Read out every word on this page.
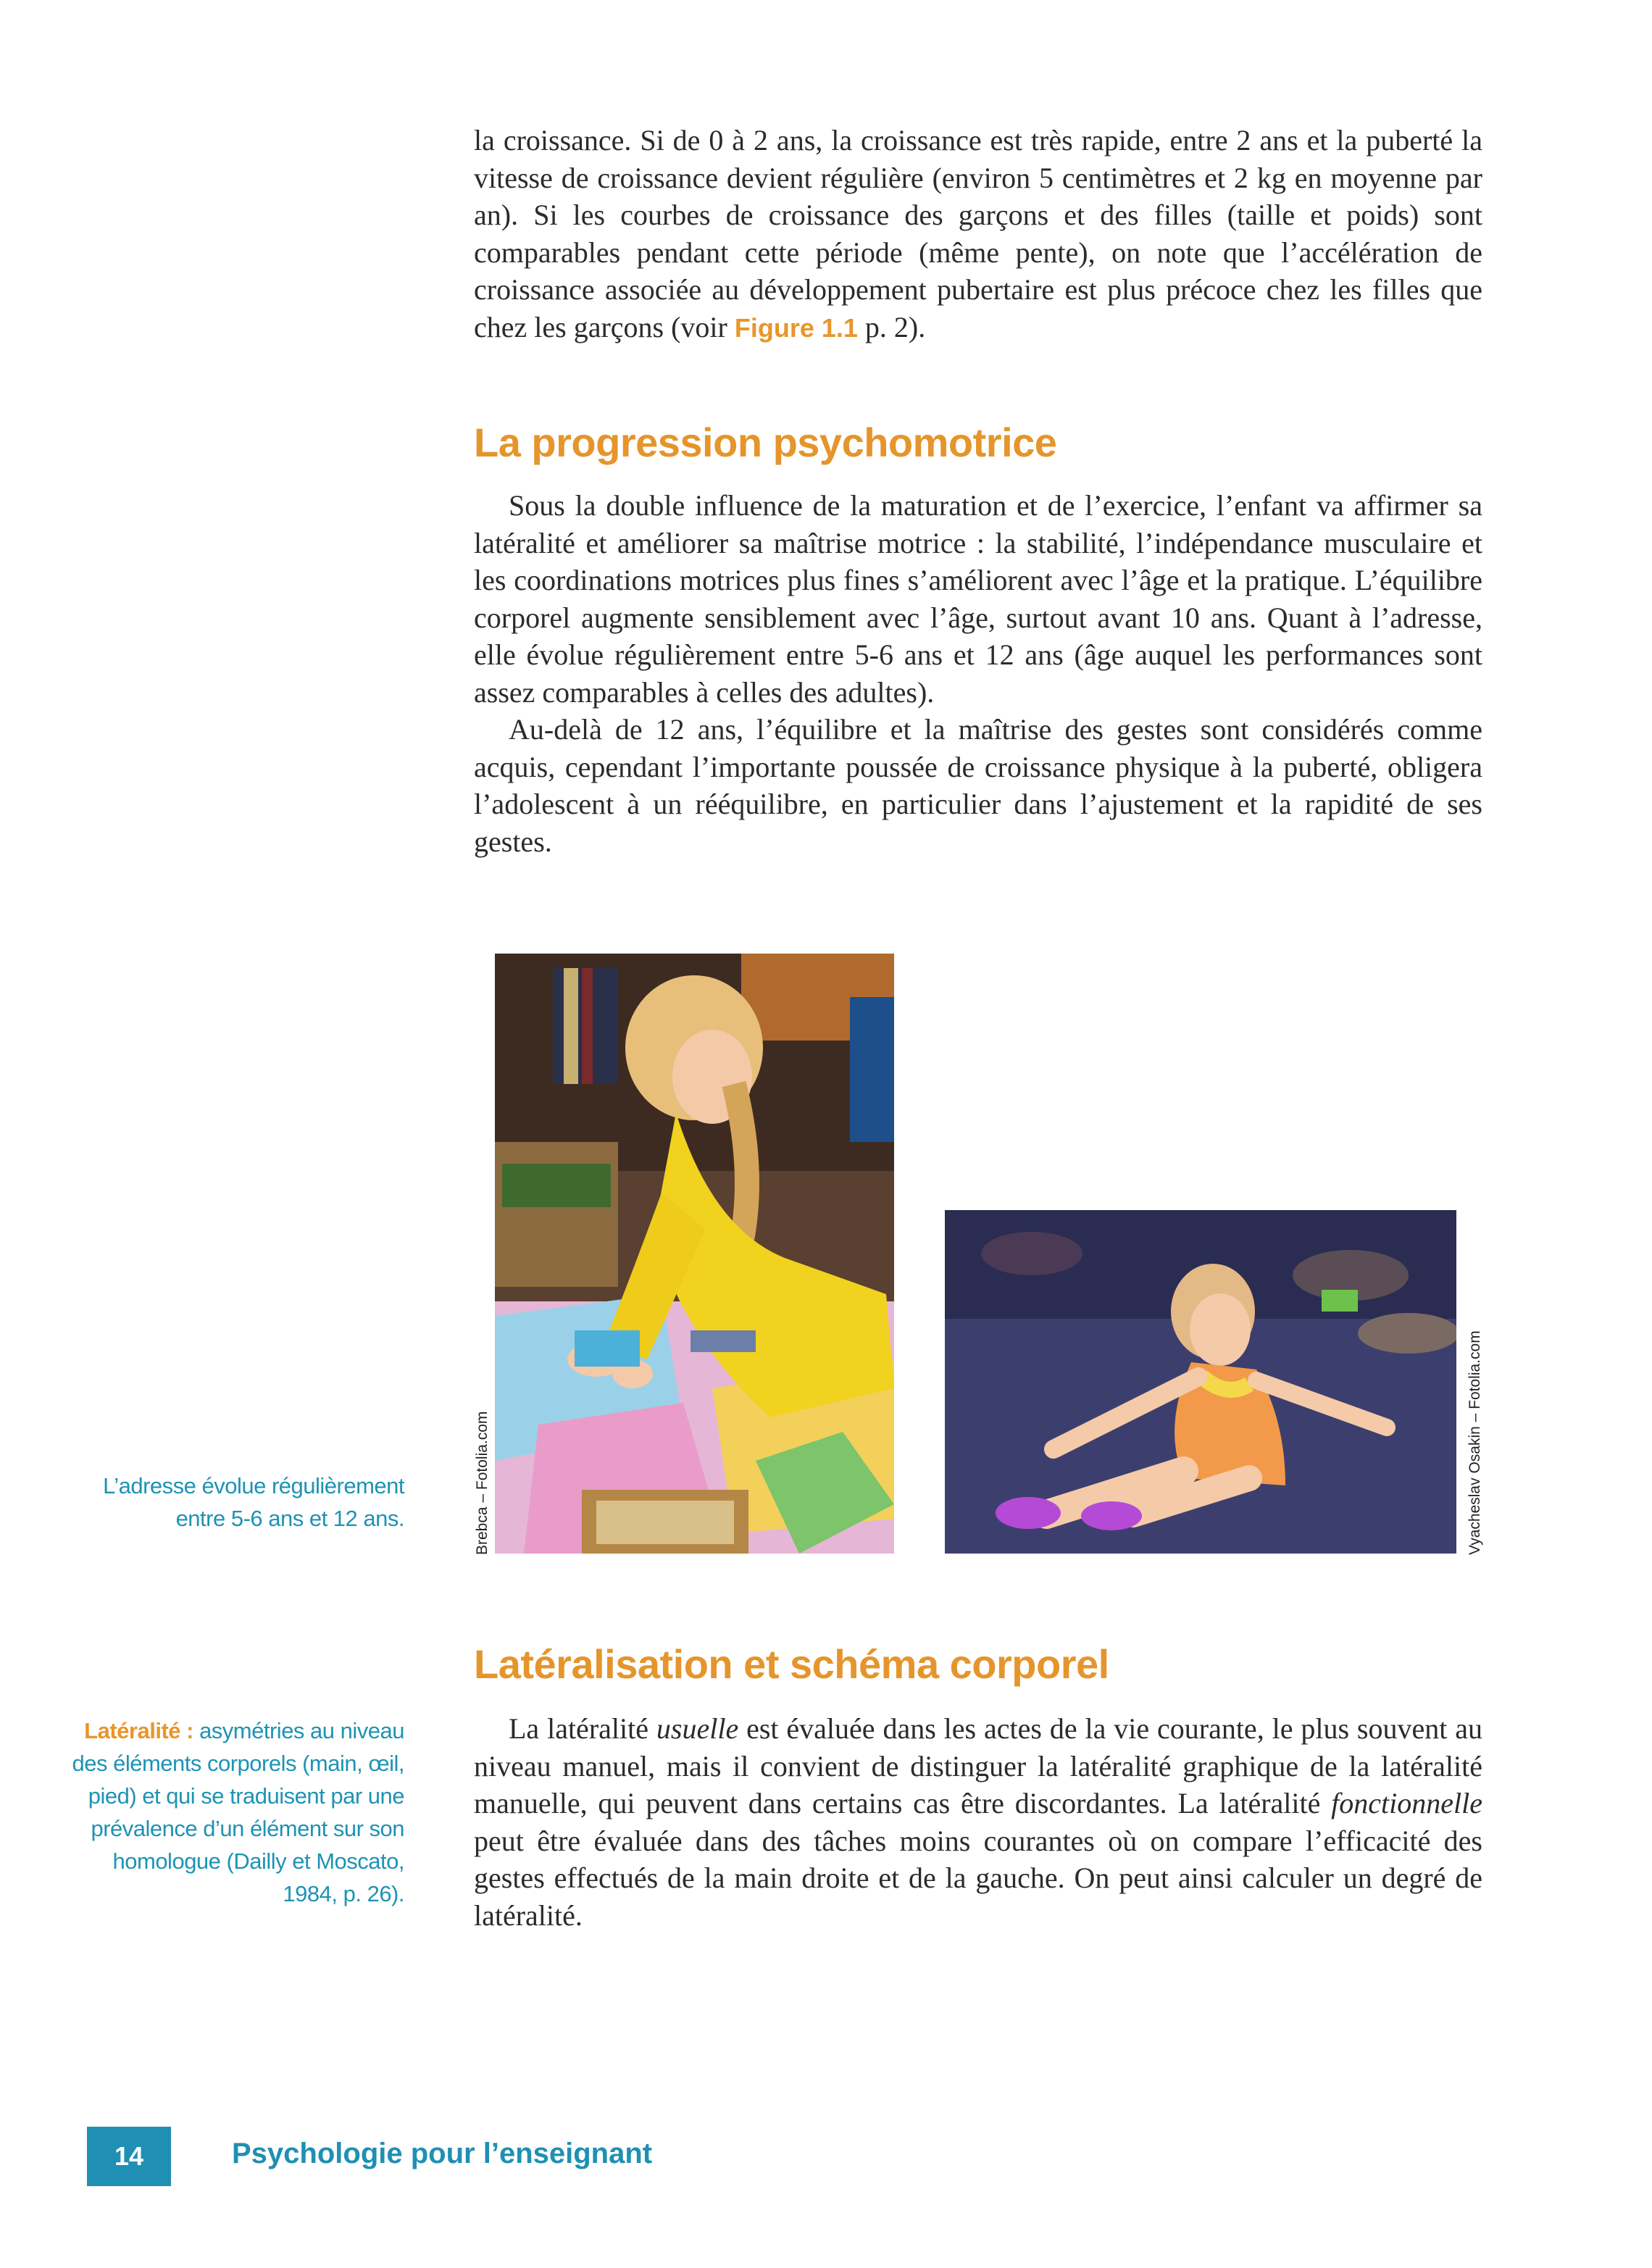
la croissance. Si de 0 à 2 ans, la croissance est très rapide, entre 2 ans et la puberté la vitesse de croissance devient régulière (environ 5 centimètres et 2 kg en moyenne par an). Si les courbes de croissance des garçons et des filles (taille et poids) sont comparables pendant cette période (même pente), on note que l’accélération de croissance associée au développement pubertaire est plus précoce chez les filles que chez les garçons (voir Figure 1.1 p. 2).

La progression psychomotrice

Sous la double influence de la maturation et de l’exercice, l’enfant va affirmer sa latéralité et améliorer sa maîtrise motrice : la stabilité, l’indépendance musculaire et les coordinations motrices plus fines s’améliorent avec l’âge et la pratique. L’équilibre corporel augmente sensiblement avec l’âge, surtout avant 10 ans. Quant à l’adresse, elle évolue régulièrement entre 5-6 ans et 12 ans (âge auquel les performances sont assez comparables à celles des adultes).

Au-delà de 12 ans, l’équilibre et la maîtrise des gestes sont considérés comme acquis, cependant l’importante poussée de croissance physique à la puberté, obligera l’adolescent à un rééquilibre, en particulier dans l’ajustement et la rapidité de ses gestes.

Brebca – Fotolia.com	Vyacheslav Osakin – Fotolia.com
L’adresse évolue régulièrement entre 5-6 ans et 12 ans.
Latéralisation et schéma corporel
Latéralité : asymétries au niveau des éléments corporels (main, œil, pied) et qui se traduisent par une prévalence d’un élément sur son homologue (Dailly et Moscato, 1984, p. 26).

La latéralité usuelle est évaluée dans les actes de la vie courante, le plus souvent au niveau manuel, mais il convient de distinguer la latéralité graphique de la latéralité manuelle, qui peuvent dans certains cas être discordantes. La latéralité fonctionnelle peut être évaluée dans des tâches moins courantes où on compare l’efficacité des gestes effectués de la main droite et de la gauche. On peut ainsi calculer un degré de latéralité.

14	Psychologie pour l’enseignant
